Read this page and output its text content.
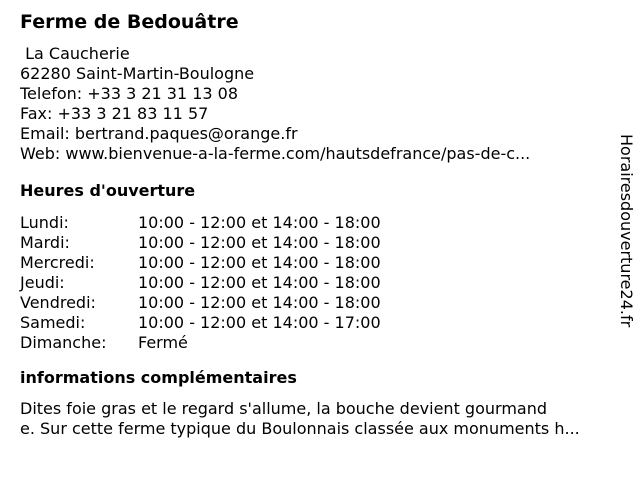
Ferme de Bedouâtre
La Caucherie
62280 Saint-Martin-Boulogne
Telefon: +33 3 21 31 13 08
Fax: +33 3 21 83 11 57
Email: bertrand.paques@orange.fr
Web: www.bienvenue-a-la-ferme.com/hautsdefrance/pas-de-c...
Heures d'ouverture
Lundi:	10:00 - 12:00 et 14:00 - 18:00
Mardi:	10:00 - 12:00 et 14:00 - 18:00
Mercredi:	10:00 - 12:00 et 14:00 - 18:00
Jeudi:	10:00 - 12:00 et 14:00 - 18:00
Vendredi:	10:00 - 12:00 et 14:00 - 18:00
Samedi:	10:00 - 12:00 et 14:00 - 17:00
Dimanche:	Fermé
informations complémentaires
Dites foie gras et le regard s'allume, la bouche devient gourmand
e. Sur cette ferme typique du Boulonnais classée aux monuments h...
Horairesdouverture24.fr
